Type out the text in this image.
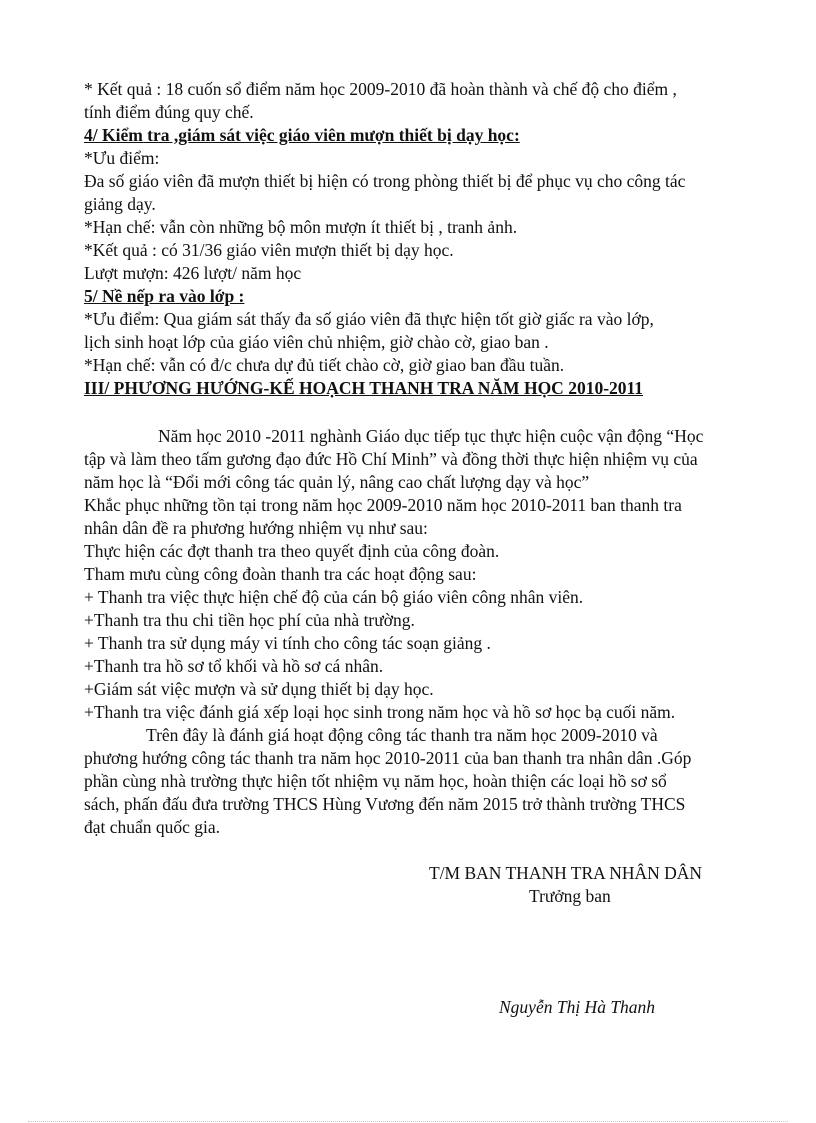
* Kết quả : 18 cuốn sổ điểm năm học 2009-2010 đã hoàn thành và chế độ cho điểm ,
tính điểm đúng quy chế.
4/ Kiểm tra ,giám sát việc giáo viên mượn thiết bị dạy học:
*Ưu điểm:
Đa số giáo viên đã mượn thiết bị hiện có trong phòng thiết bị để phục vụ cho công tác
giảng dạy.
*Hạn chế: vẫn còn những bộ môn mượn ít thiết bị , tranh ảnh.
*Kết quả : có 31/36 giáo viên mượn thiết bị dạy học.
Lượt mượn: 426 lượt/ năm học
5/ Nề nếp ra vào lớp :
*Ưu điểm: Qua giám sát thấy đa số giáo viên đã thực hiện tốt giờ giấc ra vào lớp,
lịch sinh hoạt lớp của giáo viên chủ nhiệm, giờ chào cờ, giao ban .
*Hạn chế: vẫn có đ/c chưa dự đủ tiết chào cờ, giờ giao ban đầu tuần.
III/ PHƯƠNG HƯỚNG-KẾ HOẠCH THANH TRA NĂM HỌC 2010-2011
Năm học 2010 -2011 nghành Giáo dục tiếp tục thực hiện cuộc vận động “Học
tập và làm theo tấm gương đạo đức Hồ Chí Minh” và đồng thời thực hiện nhiệm vụ của
năm học là “Đổi mới công tác quản lý, nâng cao chất lượng dạy và học”
Khắc phục những tồn tại trong năm học 2009-2010 năm học 2010-2011 ban thanh tra
nhân dân đề ra phương hướng nhiệm vụ như sau:
Thực hiện các đợt thanh tra theo quyết định của công đoàn.
Tham mưu cùng công đoàn thanh tra các hoạt động sau:
+ Thanh tra việc thực hiện chế độ của cán bộ giáo viên công nhân viên.
+Thanh tra thu chi tiền học phí của nhà trường.
+ Thanh tra sử dụng máy vi tính cho công tác soạn giảng .
+Thanh tra hồ sơ tổ khối và hồ sơ cá nhân.
+Giám sát việc mượn và sử dụng thiết bị dạy học.
+Thanh tra việc đánh giá xếp loại học sinh trong năm học và hồ sơ học bạ cuối năm.
Trên đây là đánh giá hoạt động công tác thanh tra năm học 2009-2010 và
phương hướng công tác thanh tra năm học 2010-2011 của ban thanh tra nhân dân .Góp
phần cùng nhà trường thực hiện tốt nhiệm vụ năm học, hoàn thiện các loại hồ sơ sổ
sách, phấn đấu đưa trường THCS Hùng Vương đến năm 2015 trở thành trường THCS
đạt chuẩn quốc gia.
T/M BAN THANH TRA NHÂN DÂN
Trưởng ban
Nguyễn Thị Hà Thanh
